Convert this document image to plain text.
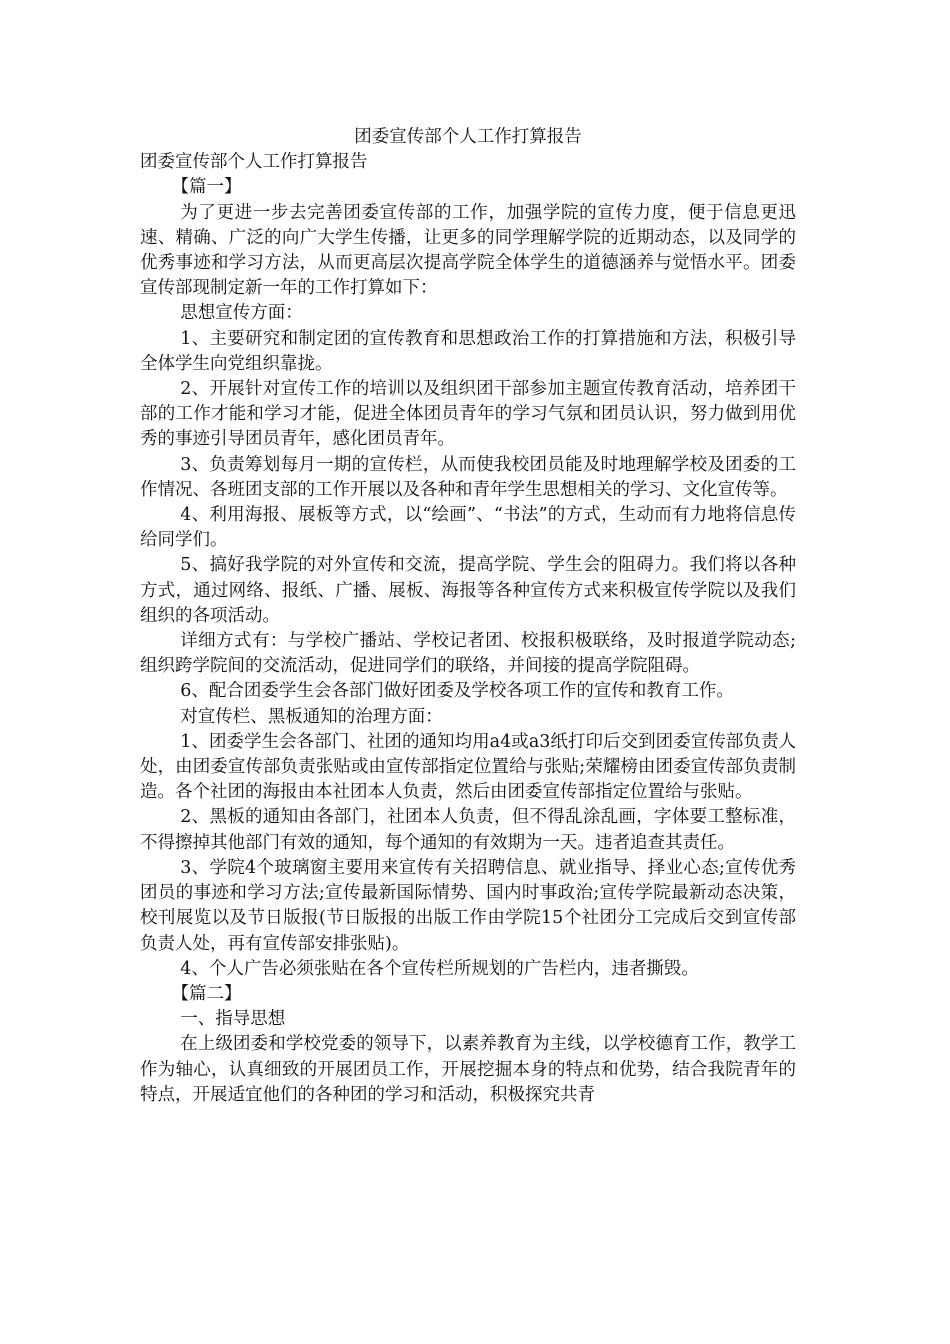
团委宣传部个人工作打算报告

团委宣传部个人工作打算报告

【篇一】

为了更进一步去完善团委宣传部的工作，加强学院的宣传力度，便于信息更迅速、精确、广泛的向广大学生传播，让更多的同学理解学院的近期动态，以及同学的优秀事迹和学习方法，从而更高层次提高学院全体学生的道德涵养与觉悟水平。团委宣传部现制定新一年的工作打算如下：

思想宣传方面：

1、主要研究和制定团的宣传教育和思想政治工作的打算措施和方法，积极引导全体学生向党组织靠拢。

2、开展针对宣传工作的培训以及组织团干部参加主题宣传教育活动，培养团干部的工作才能和学习才能，促进全体团员青年的学习气氛和团员认识，努力做到用优秀的事迹引导团员青年，感化团员青年。

3、负责筹划每月一期的宣传栏，从而使我校团员能及时地理解学校及团委的工作情况、各班团支部的工作开展以及各种和青年学生思想相关的学习、文化宣传等。

4、利用海报、展板等方式，以“绘画”、“书法”的方式，生动而有力地将信息传给同学们。

5、搞好我学院的对外宣传和交流，提高学院、学生会的阻碍力。我们将以各种方式，通过网络、报纸、广播、展板、海报等各种宣传方式来积极宣传学院以及我们组织的各项活动。

详细方式有：与学校广播站、学校记者团、校报积极联络，及时报道学院动态;组织跨学院间的交流活动，促进同学们的联络，并间接的提高学院阻碍。

6、配合团委学生会各部门做好团委及学校各项工作的宣传和教育工作。

对宣传栏、黑板通知的治理方面：

1、团委学生会各部门、社团的通知均用a4或a3纸打印后交到团委宣传部负责人处，由团委宣传部负责张贴或由宣传部指定位置给与张贴;荣耀榜由团委宣传部负责制造。各个社团的海报由本社团本人负责，然后由团委宣传部指定位置给与张贴。

2、黑板的通知由各部门，社团本人负责，但不得乱涂乱画，字体要工整标准，不得擦掉其他部门有效的通知，每个通知的有效期为一天。违者追查其责任。

3、学院4个玻璃窗主要用来宣传有关招聘信息、就业指导、择业心态;宣传优秀团员的事迹和学习方法;宣传最新国际情势、国内时事政治;宣传学院最新动态决策，校刊展览以及节日版报(节日版报的出版工作由学院15个社团分工完成后交到宣传部负责人处，再有宣传部安排张贴)。

4、个人广告必须张贴在各个宣传栏所规划的广告栏内，违者撕毁。

【篇二】

一、指导思想

在上级团委和学校党委的领导下，以素养教育为主线，以学校德育工作，教学工作为轴心，认真细致的开展团员工作，开展挖掘本身的特点和优势，结合我院青年的特点，开展适宜他们的各种团的学习和活动，积极探究共青
